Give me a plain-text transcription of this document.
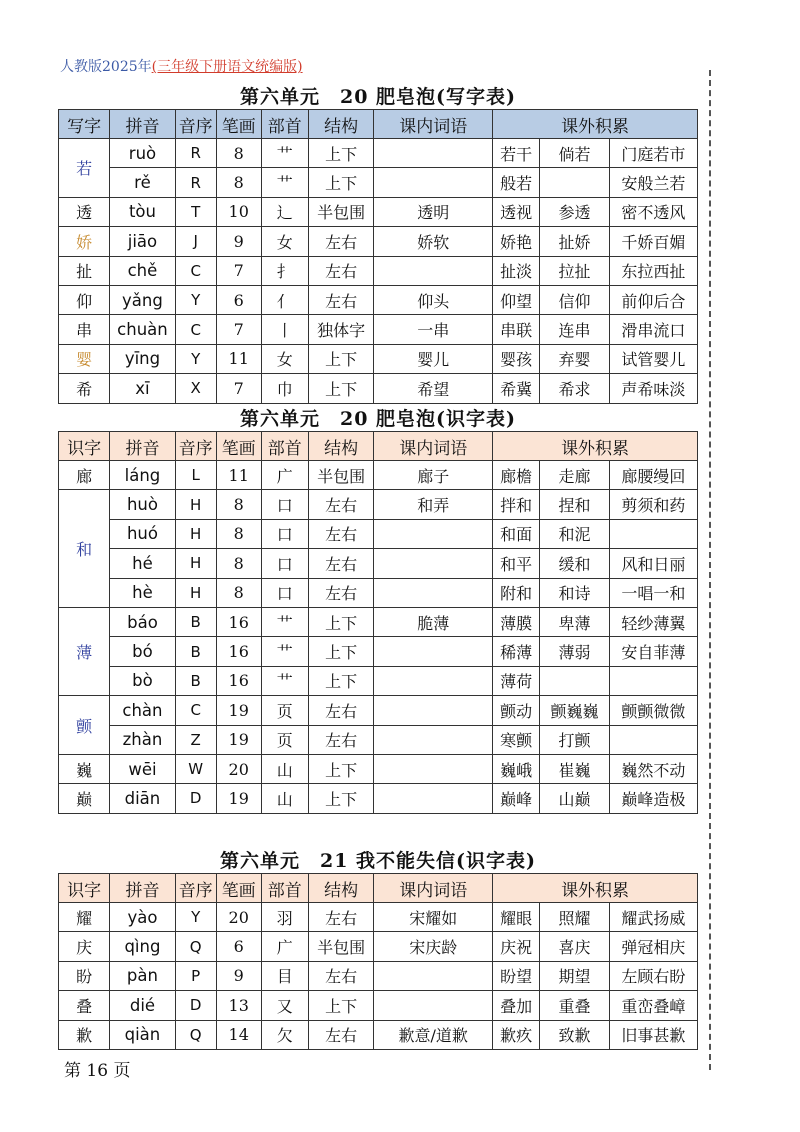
人教版2025年(三年级下册语文统编版)
第六单元　20 肥皂泡(写字表)
写字	拼音	音序	笔画	部首	结构	课内词语	课外积累		
若	ruò	R	8	艹	上下		若干	倘若	门庭若市
	rě	R	8	艹	上下		般若		安般兰若
透	tòu	T	10	辶	半包围	透明	透视	参透	密不透风
娇	jiāo	J	9	女	左右	娇软	娇艳	扯娇	千娇百媚
扯	chě	C	7	扌	左右		扯淡	拉扯	东拉西扯
仰	yǎng	Y	6	亻	左右	仰头	仰望	信仰	前仰后合
串	chuàn	C	7	丨	独体字	一串	串联	连串	滑串流口
婴	yīng	Y	11	女	上下	婴儿	婴孩	弃婴	试管婴儿
希	xī	X	7	巾	上下	希望	希冀	希求	声希味淡
第六单元　20 肥皂泡(识字表)
识字	拼音	音序	笔画	部首	结构	课内词语	课外积累		
廊	láng	L	11	广	半包围	廊子	廊檐	走廊	廊腰缦回
和	huò	H	8	口	左右	和弄	拌和	捏和	剪须和药
	huó	H	8	口	左右		和面	和泥	
	hé	H	8	口	左右		和平	缓和	风和日丽
	hè	H	8	口	左右		附和	和诗	一唱一和
薄	báo	B	16	艹	上下	脆薄	薄膜	卑薄	轻纱薄翼
	bó	B	16	艹	上下		稀薄	薄弱	安自菲薄
	bò	B	16	艹	上下		薄荷		
颤	chàn	C	19	页	左右		颤动	颤巍巍	颤颤微微
	zhàn	Z	19	页	左右		寒颤	打颤	
巍	wēi	W	20	山	上下		巍峨	崔巍	巍然不动
巅	diān	D	19	山	上下		巅峰	山巅	巅峰造极
第六单元　21 我不能失信(识字表)
识字	拼音	音序	笔画	部首	结构	课内词语	课外积累		
耀	yào	Y	20	羽	左右	宋耀如	耀眼	照耀	耀武扬威
庆	qìng	Q	6	广	半包围	宋庆龄	庆祝	喜庆	弹冠相庆
盼	pàn	P	9	目	左右		盼望	期望	左顾右盼
叠	dié	D	13	又	上下		叠加	重叠	重峦叠嶂
歉	qiàn	Q	14	欠	左右	歉意/道歉	歉疚	致歉	旧事甚歉
第 16 页
